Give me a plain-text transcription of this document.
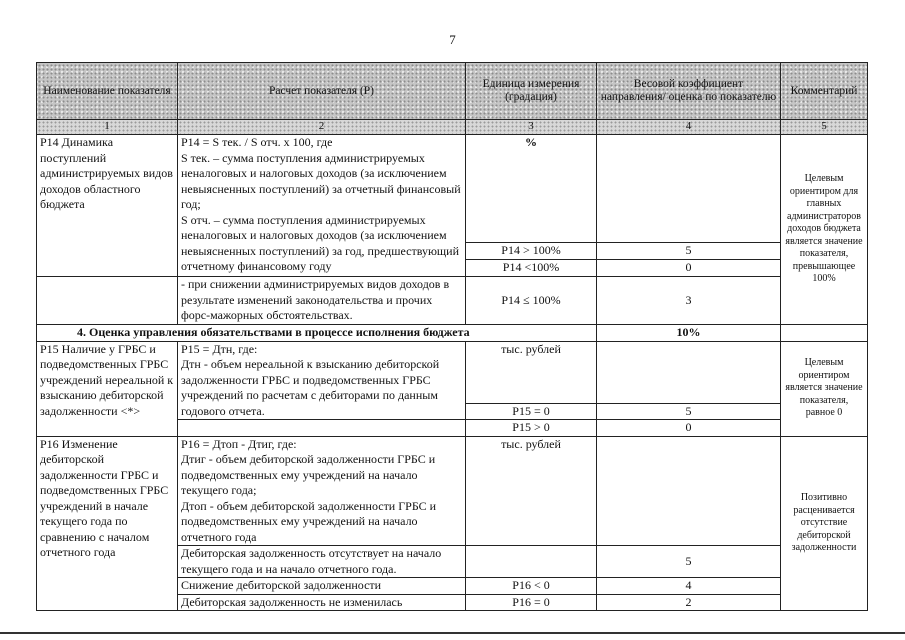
7
Наименование показателя	Расчет показателя (P)	Единица измерения (градация)	Весовой коэффициент направления/ оценка по показателю	Комментарий
1	2	3	4	5
P14 Динамика поступлений администрируемых видов доходов областного бюджета	P14 = S тек. / S отч. x 100, где
S тек. – сумма поступления администрируемых неналоговых и налоговых доходов (за исключением невыясненных поступлений) за отчетный финансовый год;
S отч. – сумма поступления администрируемых неналоговых и налоговых доходов (за исключением невыясненных поступлений) за год, предшествующий отчетному финансовому году	%		Целевым ориентиром для главных администраторов доходов бюджета является значение показателя, превышающее 100%
		P14 > 100%	5	
		P14 <100%	0	
	- при снижении администрируемых видов доходов в результате изменений законодательства и прочих форс-мажорных обстоятельствах.	P14 ≤ 100%	3	
4. Оценка управления обязательствами в процессе исполнения бюджета			10%	
P15 Наличие у ГРБС и подведомственных ГРБС учреждений нереальной к взысканию дебиторской задолженности <*>	P15 = Дтн, где:
Дтн - объем нереальной к взысканию дебиторской задолженности ГРБС и подведомственных ГРБС учреждений по расчетам с дебиторами по данным годового отчета.	тыс. рублей		Целевым ориентиром является значение показателя, равное 0
		P15 = 0	5	
		P15 > 0	0	
P16 Изменение дебиторской задолженности ГРБС и подведомственных ГРБС учреждений в начале текущего года по сравнению с началом отчетного года	P16 = Дтоп - Дтиг, где:
Дтиг - объем дебиторской задолженности ГРБС и подведомственных ему учреждений на начало текущего года;
Дтоп - объем дебиторской задолженности ГРБС и подведомственных ему учреждений на начало отчетного года	тыс. рублей		Позитивно расценивается отсутствие дебиторской задолженности
	Дебиторская задолженность отсутствует на начало текущего года и на начало отчетного года.		5	
	Снижение дебиторской задолженности	P16 < 0	4	
	Дебиторская задолженность не изменилась	P16 = 0	2	
